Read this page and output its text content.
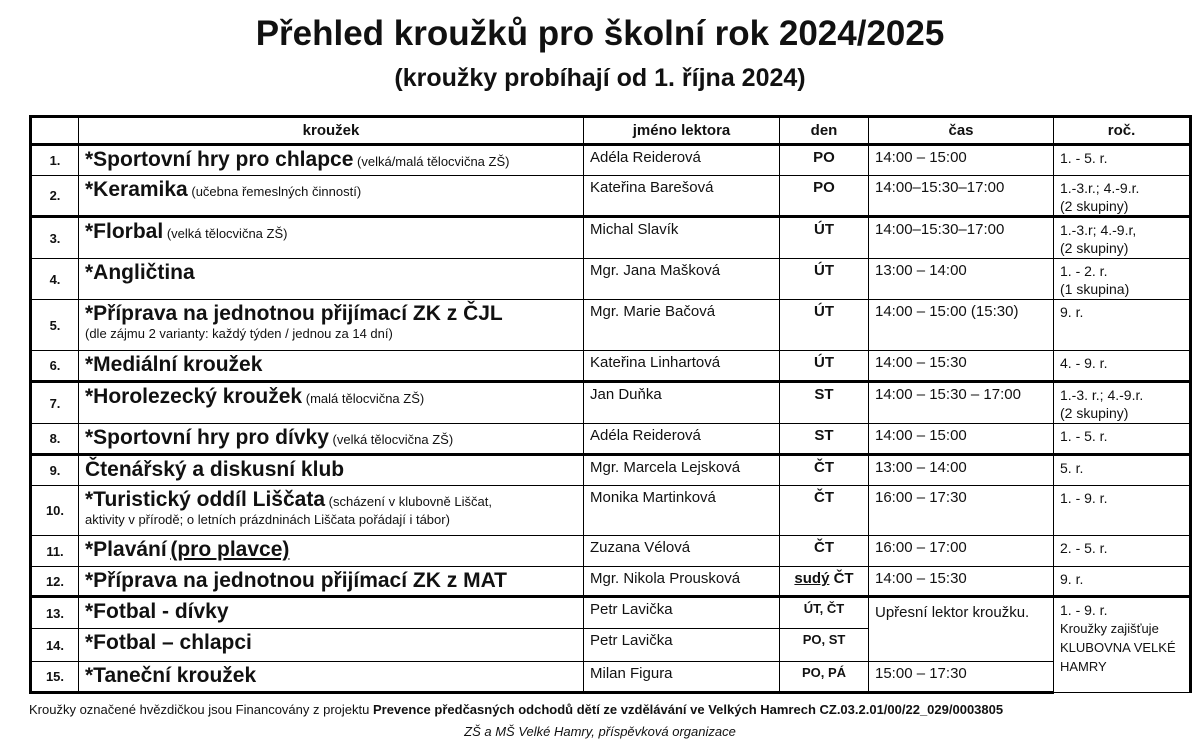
Přehled kroužků pro školní rok 2024/2025
(kroužky probíhají od 1. října 2024)
	kroužek	jméno lektora	den	čas	roč.
1.	*Sportovní hry pro chlapce (velká/malá tělocvična ZŠ)	Adéla Reiderová	PO	14:00 – 15:00	1. - 5. r.

2.	*Keramika (učebna řemeslných činností)	Kateřina Barešová	PO	14:00–15:30–17:00	1.-3.r.; 4.-9.r.
(2 skupiny)

3.	*Florbal (velká tělocvična ZŠ)	Michal Slavík	ÚT	14:00–15:30–17:00	1.-3.r; 4.-9.r,
(2 skupiny)

4.	*Angličtina	Mgr. Jana Mašková	ÚT	13:00 – 14:00	1. - 2. r.
(1 skupina)

5.	*Příprava na jednotnou přijímací ZK z ČJL
(dle zájmu 2 varianty: každý týden / jednou za 14 dní)	Mgr. Marie Bačová	ÚT	14:00 – 15:00 (15:30)	9. r.

6.	*Mediální kroužek	Kateřina Linhartová	ÚT	14:00 – 15:30	4. - 9. r.

7.	*Horolezecký kroužek (malá tělocvična ZŠ)	Jan Duňka	ST	14:00 – 15:30 – 17:00	1.-3. r.; 4.-9.r.
(2 skupiny)

8.	*Sportovní hry pro dívky (velká tělocvična ZŠ)	Adéla Reiderová	ST	14:00 – 15:00	1. - 5. r.

9.	Čtenářský a diskusní klub	Mgr. Marcela Lejsková	ČT	13:00 – 14:00	5. r.

10.	*Turistický oddíl Liščata (scházení v klubovně Liščat,
aktivity v přírodě; o letních prázdninách Liščata pořádají i tábor)	Monika Martinková	ČT	16:00 – 17:30	1. - 9. r.

11.	*Plavání (pro plavce)	Zuzana Vélová	ČT	16:00 – 17:00	2. - 5. r.

12.	*Příprava na jednotnou přijímací ZK z MAT	Mgr. Nikola Prousková	sudý ČT	14:00 – 15:30	9. r.

13.	*Fotbal - dívky	Petr Lavička	ÚT, ČT	Upřesní lektor kroužku.	1. - 9. r.
Kroužky zajišťuje KLUBOVNA VELKÉ HAMRY

14.	*Fotbal – chlapci	Petr Lavička	PO, ST		
15.	*Taneční kroužek	Milan Figura	PO, PÁ	15:00 – 17:30	
Kroužky označené hvězdičkou jsou Financovány z projektu Prevence předčasných odchodů dětí ze vzdělávání ve Velkých Hamrech CZ.03.2.01/00/22_029/0003805
ZŠ a MŠ Velké Hamry, příspěvková organizace
